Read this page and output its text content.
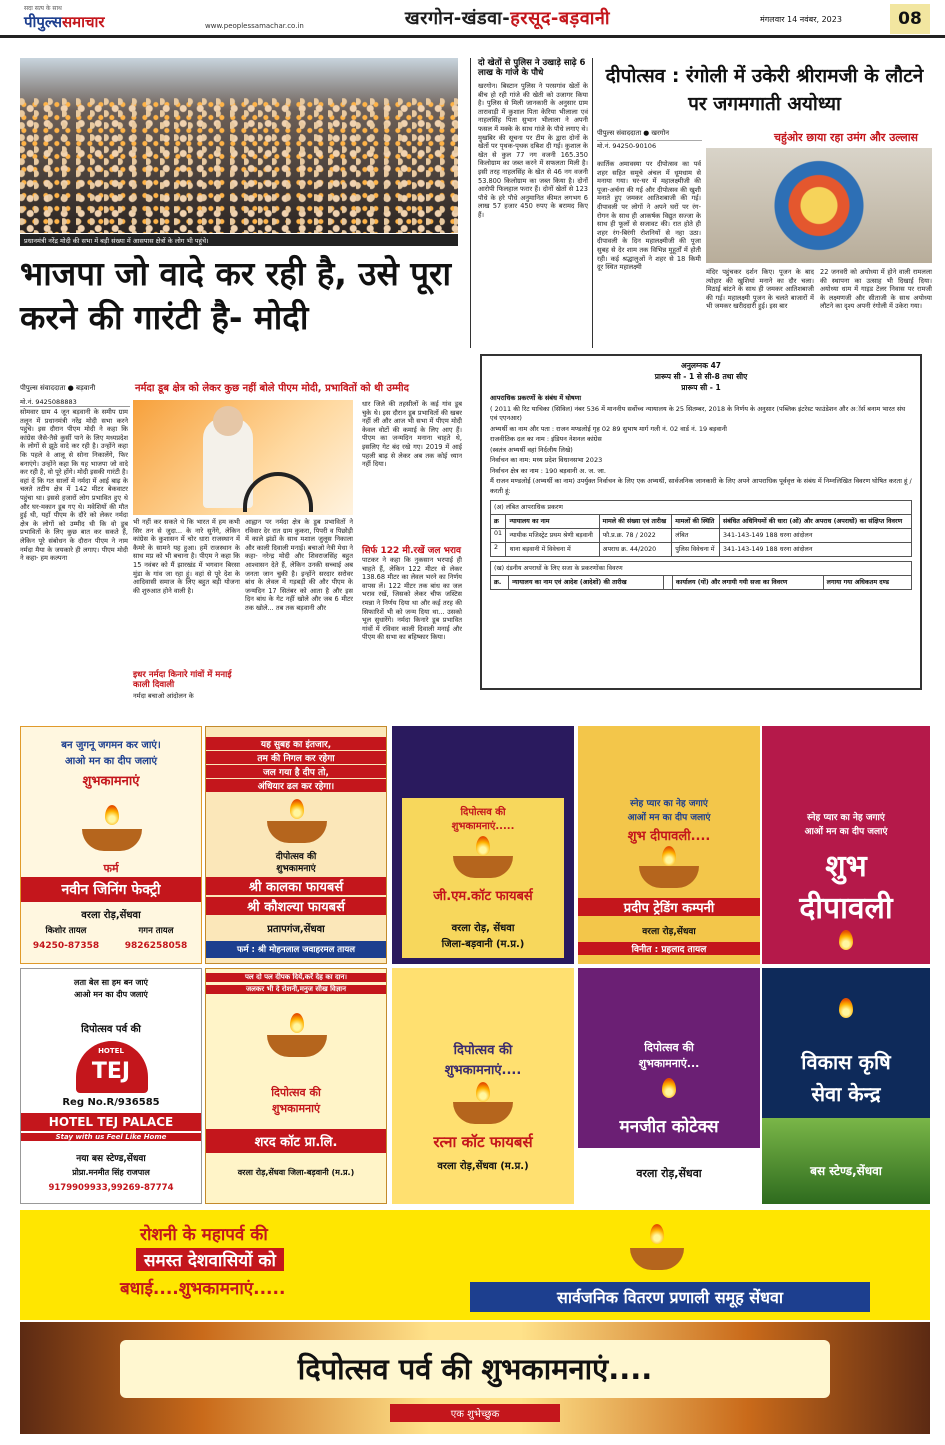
सदा सत्य के साथ
पीपुल्ससमाचार	www.peoplessamachar.co.in	खरगोन-खंडवा-हरसूद-बड़वानी	मंगलवार 14 नवंबर, 2023	08
प्रधानमंत्री नरेंद्र मोदी की सभा में बड़ी संख्या में आसपास क्षेत्रों के लोग भी पहुंचे।
भाजपा जो वादे कर रही है, उसे पूरा करने की गारंटी है- मोदी
पीपुल्स संवाददाता ● बड़वानी
मो.नं. 9425088883
नर्मदा डूब क्षेत्र को लेकर कुछ नहीं बोले पीएम मोदी, प्रभावितों को थी उम्मीद
सोमवार ग्राम 4 जून बड़वानी के समीप ग्राम तलून में प्रधानमंत्री नरेंद्र मोदी सभा करने पहुंचे। इस दौरान पीएम मोदी ने कहा कि कांग्रेस जैसे-तैसे कुर्सी पाने के लिए मध्यप्रदेश के लोगों से झूठे वादे कर रही है। उन्होंने कहा कि पहले वे आलू से सोना निकालेंगे, फिर बनाएंगे। उन्होंने कहा कि यह भाजपा जो वादे कर रही है, वो पूरे होंगे। मोदी इसकी गारंटी है। वहां दें कि गत सालों में नर्मदा में आई बाढ़ के चलते तटीय क्षेत्र में 142 मीटर बेकवाटर पहुंचा था। इससे हजारों लोग प्रभावित हुए थे और घर-मकान डूब गए थे। मवेशियों की मौत हुई थी, यहाँ पीएम के दौरे को लेकर नर्मदा क्षेत्र के लोगों को उम्मीद थी कि वो डूब प्रभावितों के लिए कुछ बात कर सकते हैं, लेकिन पूरे संबोधन के दौरान पीएम ने नाम नर्मदा मैया के जयकारे ही लगाए। पीएम मोदी ने कहा- हम कल्पना
भी नहीं कर सकते थे कि भारत में हम कभी सिर तन से जुदा... के नारे सुनेंगे, लेकिन कांग्रेस के कुशासन में चोर धारा राजस्थान में कैमरे के सामने यह हुआ। हमें राजस्थान के साथ मप्र को भी बचाना है। पीएम ने कहा कि 15 नवंबर को मैं झारखंड में भगवान बिरसा मुंडा के गांव जा रहा हूं। वहां से पूरे देश के आदिवासी समाज के लिए बहुत बड़ी योजना की शुरुआत होने वाली है।
इधर नर्मदा किनारे गांवों में मनाई काली दिवाली
नर्मदा बचाओ आंदोलन के
आह्वान पर नर्मदा क्षेत्र के डूब प्रभावितों ने रविवार देर रात ग्राम कुकरा, पिपरी व पिछोड़ी में काले झंडों के साथ मशाल जुलूस निकाला और काली दिवाली मनाई। बचाओ नेत्री मेधा ने कहा- नरेन्द्र मोदी और शिवराजसिंह बहुत आश्वासन देते हैं, लेकिन उनकी सच्चाई अब जनता जान चुकी है। इन्होंने सरदार सरोवर बांध के लेवल में गड़बड़ी की और पीएम के जन्मदिन 17 सितंबर को आता है और इस दिन बांध के गेट नहीं खोले और जब 6 मीटर तक खोले... तब तक बड़वानी और
धार जिले की तहसीलों के कई गांव डूब चुके थे। इस दौरान डूब प्रभावितों की खबर नहीं ली और आज भी सभा में पीएम मोदी केवल वोटों की कमाई के लिए आए हैं। पीएम का जन्मदिन मनाना चाहते थे, इसलिए गेट बंद रखे गए। 2019 में आई पहली बाढ़ से लेकर अब तक कोई ध्यान नहीं दिया।
सिर्फ 122 मी.रखें जल भराव
पाटकर ने कहा कि नुकसान भरपाई ही चाहते हैं, लेकिन 122 मीटर से लेकर 138.68 मीटर का लेवल भरने का निर्णय वापस लें। 122 मीटर तक बांध का जल भराव रखें, जिसको लेकर चीफ जस्टिस रमन्ना ने निर्णय दिया था और कई तरह की सिफारिशें भी को जन्म दिया था... उसको भूल सुधारेंगे। नर्मदा किनारे डूब प्रभावित गांवों में रविवार काली दिवाली मनाई और पीएम की सभा का बहिष्कार किया।
दो खेतों से पुलिस ने उखाड़े साढ़े 6 लाख के गांजे के पौधे
खरगोन। बिस्टान पुलिस ने परसगांव खेतों के बीच हो रही गांजे की खेती को उजागर किया है। पुलिस से मिली जानकारी के अनुसार ग्राम तारावाड़ी में कुशाल पिता केरिया भीलाला एवं नाहलसिंह पिता सुभान भीलाला ने अपनी फसल में मक्के के साथ गांजे के पौधे लगाए थे। मुखबिर की सूचना पर टीम के द्वारा दोनों के खेतों पर पृथक-पृथक दबिश दी गई। कुशाल के खेत से कुल 77 नग वजनी 165.350 किलोग्राम का जब्त करने में सफलता मिली है। इसी तरह नाहलसिंह के खेत से 46 नग वजनी 53.800 किलोग्राम का जब्त किया है। दोनों आरोपी फिलहाल फरार हैं। दोनों खेतों से 123 पौधे के हरे पौधे अनुमानित कीमत लगभग 6 लाख 57 हजार 450 रुपए के बरामद किए हैं।
दीपोत्सव : रंगोली में उकेरी श्रीरामजी के लौटने पर जगमगाती अयोध्या
पीपुल्स संवाददाता ● खरगोन
मो.नं. 94250-90106
चहुंओर छाया रहा उमंग और उल्लास
कार्तिक अमावस्या पर दीपोत्सव का पर्व शहर सहित समूचे अंचल में धूमधाम से मनाया गया। घर-घर में महालक्ष्मीजी की पूजा-अर्चना की गई और दीपोत्सव की खुशी मनाते हुए जमकर आतिशबाजी की गई। दीपावली पर लोगों ने अपने घरों पर रंग-रोगन के साथ ही आकर्षक विद्युत सज्जा के साथ ही फूलों से सजावट की। रात होते ही शहर रंग-बिरंगी रोशनियों से नहा उठा। दीपावली के दिन महालक्ष्मीजी की पूजा सुबह से देर शाम तक विभिन्न मुहूर्तों में होती रही। कई श्रद्धालुओं ने शहर से 18 किमी दूर स्थित महालक्ष्मी
मंदिर पहुंचकर दर्शन किए। पूजन के बाद त्योहार की खुशियां मनाने का दौर चला। मिठाई बांटने के साथ ही जमकर आतिशबाजी की गई। महालक्ष्मी पूजन के चलते बाजारों में भी जमकर खरीददारी हुई। इस बार
22 जनवरी को अयोध्या में होने वाली रामलला की स्थापना का उत्साह भी दिखाई दिया। अयोध्या धाम में गाइड टेलर निवास पर रामजी के लक्ष्मणजी और सीताजी के साथ अयोध्या लौटने का दृश्य अपनी रंगोली में उकेरा गया।
अनुलग्नक 47
प्रारूप सी - 1 से सी-8 तथा सीए
प्रारूप सी - 1
आपराधिक प्रकरणों के संबंध में घोषणा
( 2011 की रिट याचिका (सिविल) नंबर 536 में माननीय सर्वोच्च न्यायालय के 25 सितम्बर, 2018 के निर्णय के अनुसार (पब्लिक इंटरेस्ट फाउंडेशन और अॉर्स बनाम भारत संघ एवं एएनआर)
अभ्यर्थी का नाम और पता : राजन मण्डलोई गृह 02 89 सुभाष मार्ग गली नं. 02 वार्ड नं. 19 बड़वानी
राजनीतिक दल का नाम : इंडियन नेशनल कांग्रेस
(स्वतंत्र अभ्यर्थी वहां निर्दलीय लिखे)
निर्वाचन का नाम: मध्य प्रदेश विधानसभा 2023
निर्वाचन क्षेत्र का नाम : 190 बड़वानी अ. ज. जा.
मैं राजन मण्डलोई (अभ्यर्थी का नाम) उपर्युक्त निर्वाचन के लिए एक अभ्यर्थी, सार्वजनिक जानकारी के लिए अपने आपराधिक पूर्ववृत्त के संबंध में निम्नलिखित विवरण घोषित करता हूं /करती हूं:
(अ) लंबित आपराधिक प्रकरण				
क्र	न्यायालय का नाम	मामले की संख्या एवं तारीख	मामलों की स्थिति	संबंधित अधिनियमों की धारा (ओं) और अपराध (अपराधों) का संक्षिप्त विवरण
01	न्यायीक मजिस्ट्रेट प्रथम श्रेणी बड़वानी	फौ.प्र.क्र. 78 / 2022	लंबित	341-143-149 188 धरना आंदोलन
2	थाना बड़वानी में विवेचना में	अपराध क्र. 44/2020	पुलिस विवेचना में	341-143-149 188 धरना आंदोलन
(ख) दंडनीय अपराधों के लिए सजा के प्रकरणोंका विवरण
क्र.	न्यायालय का नाम एवं आदेश (आदेशों) की तारीख		कार्यालय (यों) और लगायी गयी सजा का विवरण	लगाया गया अधिकतम दण्ड
बन जुगनू जगमन कर जाएं।
आओ मन का दीप जलाएं
शुभकामनाएं
फर्म
नवीन जिनिंग फेक्ट्री
वरला रोड़,सेंधवा
किशोर तायल	गगन तायल
94250-87358	9826258058
यह सुबह का इंतजार,
तम की निगल कर रहेगा
जल गया है दीप तो,
अंधियार ढल कर रहेगा।
दीपोत्सव की
शुभकामनाएं
श्री कालका फायबर्स
श्री कौशल्या फायबर्स
प्रतापगंज,सेंधवा
फर्म : श्री मोहनलाल जवाहरमल तायल
दिपोत्सव की
शुभकामनाएं.....
जी.एम.कॉट फायबर्स
वरला रोड़, सेंधवा
जिला-बड़वानी (म.प्र.)
स्नेह प्यार का नेह जगाएं
आओं मन का दीप जलाएं
शुभ दीपावली....
प्रदीप ट्रेडिंग कम्पनी
वरला रोड़,सेंधवा
विनीत : प्रहलाद तायल
स्नेह प्यार का नेह जगाएं
आओं मन का दीप जलाएं
शुभ
दीपावली
लता बेल सा हम बन जाएं
आओ मन का दीप जलाएं
दिपोत्सव पर्व की
HOTEL
TEJ
Reg No.R/936585
HOTEL TEJ PALACE
Stay with us Feel Like Home
नया बस स्टेण्ड,सेंधवा
प्रोप्रा.मनमीत सिंह राजपाल
9179909933,99269-87774
पल दो पल दीपक दियें,करें देह का दान।
जलकर भी दे रोशनी,मनुज सीख विज्ञान
दिपोत्सव की
शुभकामनाएं
शरद कॉट प्रा.लि.
वरला रोड़,सेंधवा जिला-बड़वानी (म.प्र.)
दिपोत्सव की
शुभकामनाएं....
रत्ना कॉट फायबर्स
वरला रोड़,सेंधवा (म.प्र.)
दिपोत्सव की
शुभकामनाएं...
मनजीत कोटेक्स
वरला रोड़,सेंधवा
विकास कृषि
सेवा केन्द्र
बस स्टेण्ड,सेंधवा
रोशनी के महापर्व की
समस्त देशवासियों को
बधाई....शुभकामनाएं.....	सार्वजनिक वितरण प्रणाली समूह सेंधवा
दिपोत्सव पर्व की शुभकामनाएं....
एक शुभेच्छुक
